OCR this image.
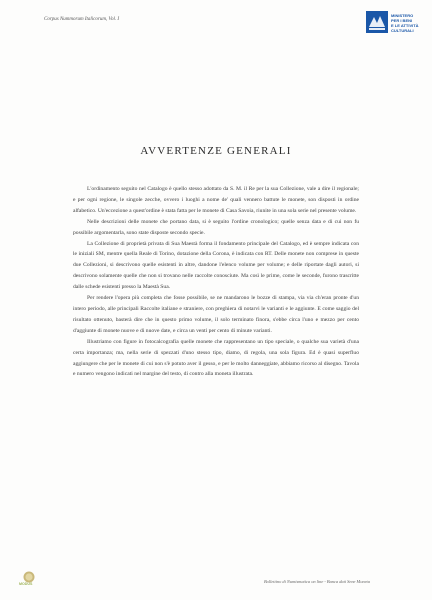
Corpus Nummorum Italicorum, Vol. I
MINISTERO
PER I BENI
E LE ATTIVITÀ
CULTURALI
AVVERTENZE GENERALI

L'ordinamento seguito nel Catalogo è quello stesso adottato da S. M. il Re per la sua Collezione, vale a dire il regionale; e per ogni regione, le singole zecche, ovvero i luoghi a nome de' quali vennero battute le monete, son disposti in ordine alfabetico. Un'eccezione a quest'ordine è stata fatta per le monete di Casa Savoia, riunite in una sola serie nel presente volume.

Nelle descrizioni delle monete che portano data, si è seguito l'ordine cronologico; quelle senza data e di cui non fu possibile argomentarla, sono state disposte secondo specie.

La Collezione di proprietà privata di Sua Maestà forma il fondamento principale del Catalogo, ed è sempre indicata con le iniziali SM, mentre quella Reale di Torino, dotazione della Corona, è indicata con RT. Delle monete non comprese in queste due Collezioni, si descrivono quelle esistenti in altre, dandone l'elenco volume per volume; e delle riportate dagli autori, si descrivono solamente quelle che non si trovano nelle raccolte conosciute. Ma così le prime, come le seconde, furono trascritte dalle schede esistenti presso la Maestà Sua.

Per rendere l'opera più completa che fosse possibile, se ne mandarono le bozze di stampa, via via ch'eran pronte d'un intero periodo, alle principali Raccolte italiane e straniere, con preghiera di notarvi le varianti e le aggiunte. E come saggio del risultato ottenuto, basterà dire che in questo primo volume, il solo terminato finora, s'ebbe circa l'uno e mezzo per cento d'aggiunte di monete nuove e di nuove date, e circa un venti per cento di minute varianti.

Illustriamo con figure in fotocalcografia quelle monete che rappresentano un tipo speciale, o qualche sua varietà d'una certa importanza; ma, nella serie di spezzati d'uno stesso tipo, diamo, di regola, una sola figura. Ed è quasi superfluo aggiungere che per le monete di cui non s'è potuto aver il gesso, e per le molto danneggiate, abbiamo ricorso al disegno. Tavola e numero vengono indicati nel margine del testo, di contro alla moneta illustrata.

MODUS	Bollettino di Numismatica on line - Banca dati Sene Moneta
